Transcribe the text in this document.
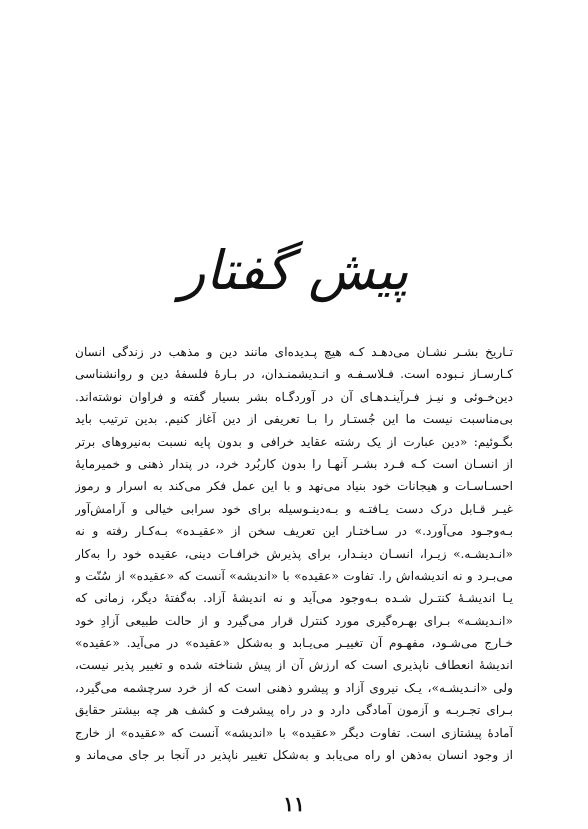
پیش گفتار
تـاریخ بشـر نشـان می‌دهـد کـه هیچ پـدیده‌ای مانند دین و مذهب در زندگی انسان
کـارسـاز نـبوده است. فـلاسـفـه و انـدیشمنـدان، در بـارهٔ فلسفهٔ دین و روانشناسی
دین‌خـوئی و نیـز فـرآینـدهـای آن در آوردگـاه بشر بسیار گفته و فراوان نوشته‌اند.
بی‌مناسبت نیست ما این جُستـار را بـا تعریفی از دین آغاز کنیم. بدین ترتیب باید
بگـوئیم: «دین عبارت از یک رشته عقاید خرافی و بدون پایه نسبت به‌نیروهای برتر
از انسـان است کـه فـرد بشـر آنهـا را بدون کاربُرد خرد، در پندار ذهنی و خمیرمایهٔ
احسـاسـات و هیجانات خود بنیاد می‌نهد و با این عمل فکر می‌کند به اسرار و رموز
غیـر قـابل درک دست یـافتـه و بـه‌دینـوسیله برای خود سرابی خیالی و آرامش‌آور
بـه‌وجـود می‌آورد.» در سـاختـار این تعریف سخن از «عقیـده» بـه‌کـار رفته و نه
«انـدیشـه.» زیـرا، انسـان دینـدار، برای پذیرش خرافـات دینی، عقیده خود را به‌کار
می‌بـرد و نه اندیشه‌اش را. تفاوت «عقیده» با «اندیشه» آنست که «عقیده» از سُنّت و
یـا اندیشـهٔ کنتـرل شـده بـه‌وجود می‌آید و نه اندیشهٔ آزاد. به‌گفتهٔ دیگر، زمانی که
«انـدیشـه» بـرای بهـره‌گیری مورد کنترل قرار می‌گیرد و از حالت طبیعی آزادِ خود
خـارج می‌شـود، مفهـوم آن تغییـر می‌یـابد و به‌شکل «عقیده» در می‌آید. «عقیده»
اندیشهٔ انعطاف ناپذیری است که ارزش آن از پیش شناخته شده و تغییر پذیر نیست،
ولی «انـدیشـه»، یـک نیروی آزاد و پیشرو ذهنی است که از خرد سرچشمه می‌گیرد،
بـرای تجـربـه و آزمون آمادگی دارد و در راه پیشرفت و کشف هر چه بیشتر حقایق
آمادهٔ پیشتازی است. تفاوت دیگر «عقیده» با «اندیشه» آنست که «عقیده» از خارج
از وجود انسان به‌ذهن او راه می‌یابد و به‌شکل تغییر ناپذیر در آنجا بر جای می‌ماند و
۱۱
